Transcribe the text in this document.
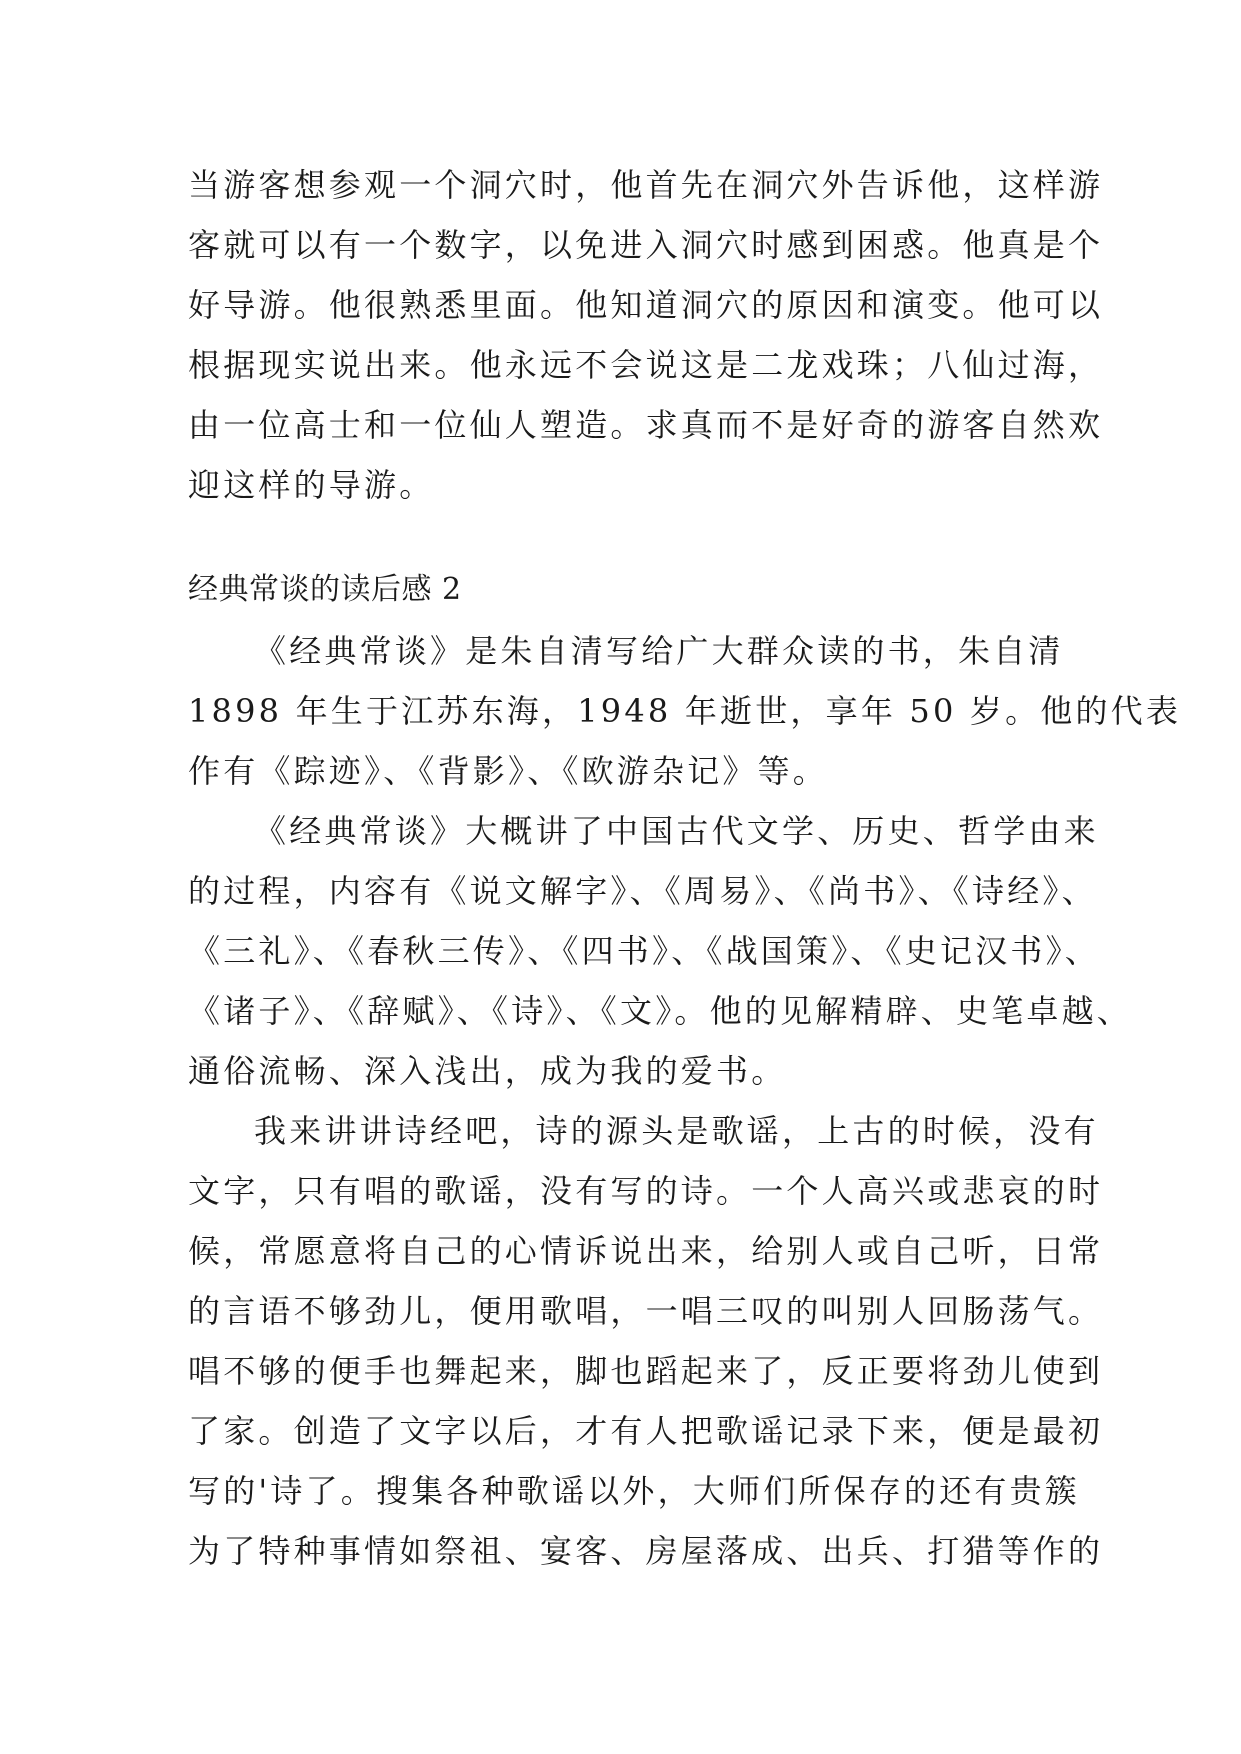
当游客想参观一个洞穴时，他首先在洞穴外告诉他，这样游
客就可以有一个数字，以免进入洞穴时感到困惑。他真是个
好导游。他很熟悉里面。他知道洞穴的原因和演变。他可以
根据现实说出来。他永远不会说这是二龙戏珠；八仙过海，
由一位高士和一位仙人塑造。求真而不是好奇的游客自然欢
迎这样的导游。
经典常谈的读后感 2
《经典常谈》是朱自清写给广大群众读的书，朱自清
1898 年生于江苏东海，1948 年逝世，享年 50 岁。他的代表
作有《踪迹》、《背影》、《欧游杂记》等。
《经典常谈》大概讲了中国古代文学、历史、哲学由来
的过程，内容有《说文解字》、《周易》、《尚书》、《诗经》、
《三礼》、《春秋三传》、《四书》、《战国策》、《史记汉书》、
《诸子》、《辞赋》、《诗》、《文》。他的见解精辟、史笔卓越、
通俗流畅、深入浅出，成为我的爱书。
我来讲讲诗经吧，诗的源头是歌谣，上古的时候，没有
文字，只有唱的歌谣，没有写的诗。一个人高兴或悲哀的时
候，常愿意将自己的心情诉说出来，给别人或自己听，日常
的言语不够劲儿，便用歌唱，一唱三叹的叫别人回肠荡气。
唱不够的便手也舞起来，脚也蹈起来了，反正要将劲儿使到
了家。创造了文字以后，才有人把歌谣记录下来，便是最初
写的'诗了。搜集各种歌谣以外，大师们所保存的还有贵簇
为了特种事情如祭祖、宴客、房屋落成、出兵、打猎等作的
